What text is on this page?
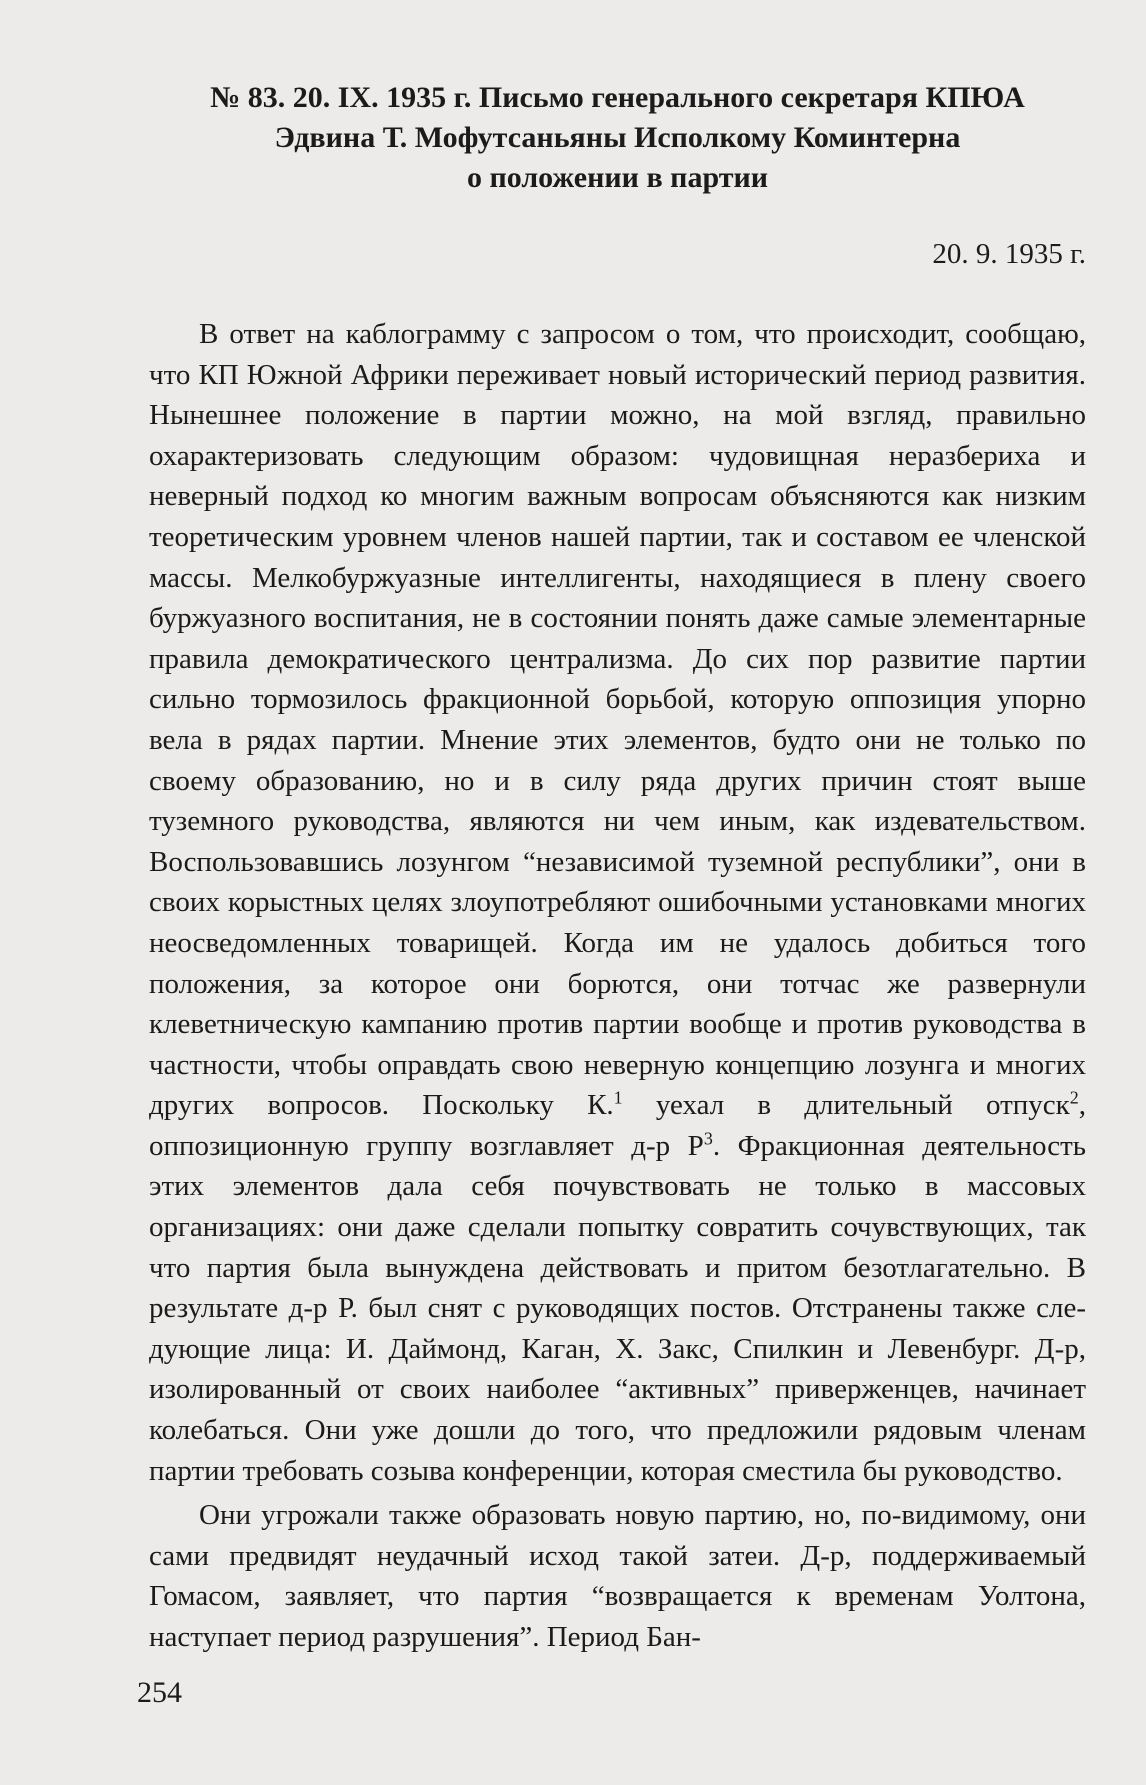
№ 83. 20. IX. 1935 г. Письмо генерального секретаря КПЮА
Эдвина Т. Мофутсаньяны Исполкому Коминтерна
о положении в партии
20. 9. 1935 г.

В ответ на каблограмму с запросом о том, что происходит, сообщаю, что КП Южной Африки переживает новый исторический период развития. Нынешнее положение в партии можно, на мой взгляд, правильно охарактеризовать следующим образом: чудовищная неразбериха и неверный подход ко многим важным вопросам объясняются как низким теоретическим уровнем членов нашей партии, так и составом ее членской массы. Мелкобуржуазные интеллигенты, находящиеся в плену своего буржуазного воспитания, не в состоянии понять даже самые элементарные правила демократического централизма. До сих пор развитие партии сильно тормозилось фракционной борьбой, которую оппозиция упорно вела в рядах партии. Мнение этих элементов, будто они не только по своему образованию, но и в силу ряда других причин стоят выше туземного руководства, являются ни чем иным, как издевательством. Воспользовавшись лозунгом “независимой туземной республики”, они в своих корыстных целях злоупотребляют ошибочными установками многих неосведомленных товарищей. Когда им не удалось добиться того положения, за которое они борются, они тотчас же развернули клеветническую кампанию против партии вообще и против руководства в частности, чтобы оправдать свою неверную концепцию лозунга и многих других вопросов. Поскольку К.$^1$ уехал в длительный отпуск$^2$, оппозиционную группу возглавляет д-р $Р^3$. Фракционная деятельность этих элементов дала себя почувствовать не только в массовых организациях: они даже сделали попытку совратить сочувствующих, так что партия была вынуждена действовать и притом безотлагательно. В результате д-р Р. был снят с руководящих постов. Отстранены также следующие лица: И. Даймонд, Каган, Х. Закс, Спилкин и Левенбург. Д-р, изолированный от своих наиболее “активных” приверженцев, начинает колебаться. Они уже дошли до того, что предложили рядовым членам партии требовать созыва конференции, которая сместила бы руководство.

Они угрожали также образовать новую партию, но, по-видимому, они сами предвидят неудачный исход такой затеи. Д-р, поддерживаемый Гомасом, заявляет, что партия “возвращается к временам Уолтона, наступает период разрушения”. Период Бан-

254
